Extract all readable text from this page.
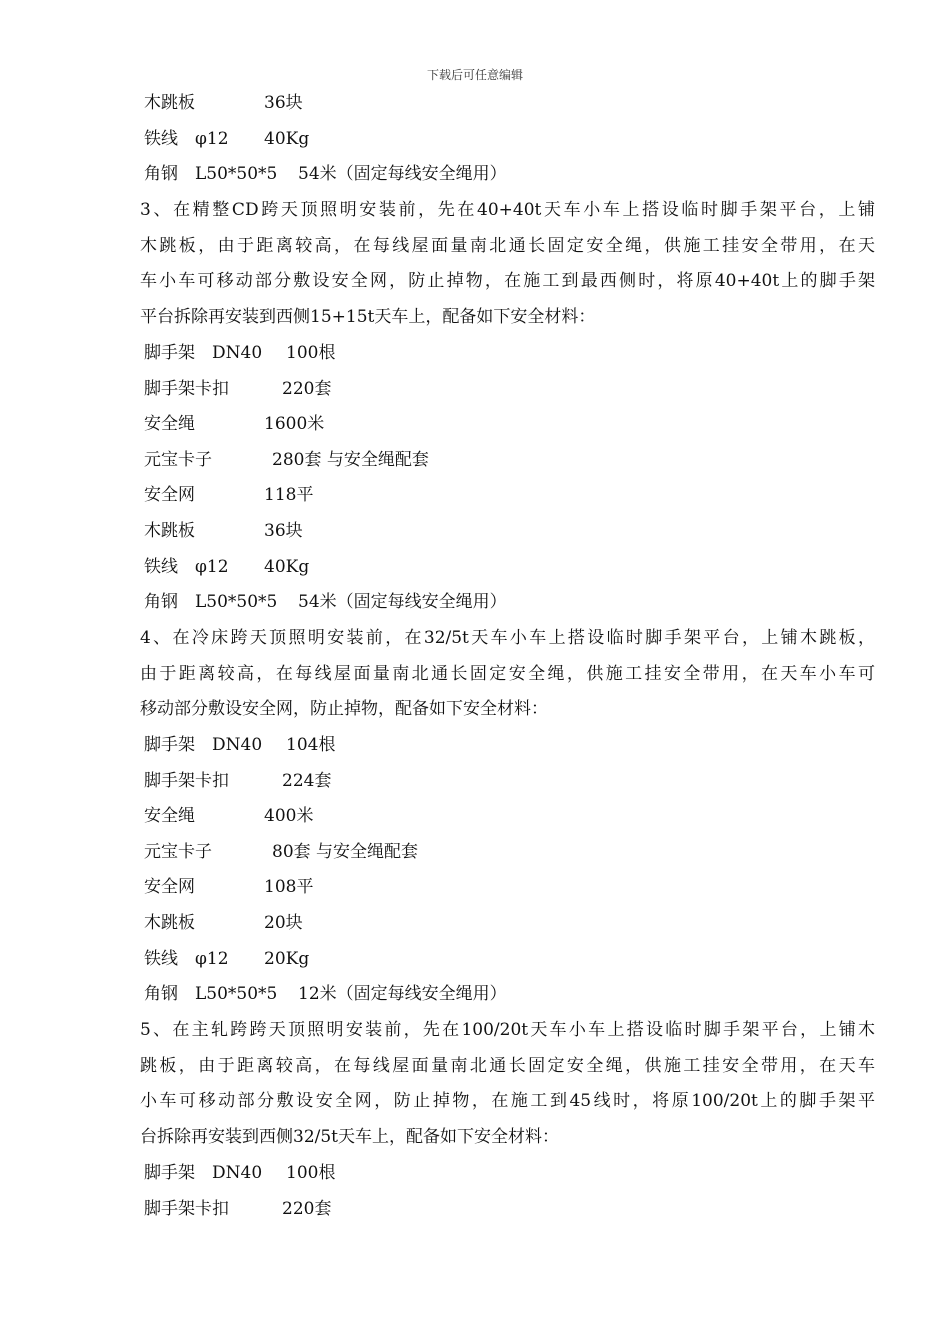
下载后可任意编辑
木跳板	36块
铁线　φ12 40Kg
角钢　L50*50*5 54米（固定每线安全绳用）
3、在精整CD跨天顶照明安装前，先在40+40t天车小车上搭设临时脚手架平台，上铺
木跳板，由于距离较高，在每线屋面量南北通长固定安全绳，供施工挂安全带用，在天
车小车可移动部分敷设安全网，防止掉物，在施工到最西侧时，将原40+40t上的脚手架
平台拆除再安装到西侧15+15t天车上，配备如下安全材料：
脚手架　DN40 100根
脚手架卡扣	220套
安全绳	1600米
元宝卡子	280套 与安全绳配套
安全网	118平
木跳板	36块
铁线　φ12 40Kg
角钢　L50*50*5 54米（固定每线安全绳用）
4、在冷床跨天顶照明安装前，在32/5t天车小车上搭设临时脚手架平台，上铺木跳板，
由于距离较高，在每线屋面量南北通长固定安全绳，供施工挂安全带用，在天车小车可
移动部分敷设安全网，防止掉物，配备如下安全材料：
脚手架　DN40 104根
脚手架卡扣	224套
安全绳	400米
元宝卡子	80套 与安全绳配套
安全网	108平
木跳板	20块
铁线　φ12 20Kg
角钢　L50*50*5 12米（固定每线安全绳用）
5、在主轧跨跨天顶照明安装前，先在100/20t天车小车上搭设临时脚手架平台，上铺木
跳板，由于距离较高，在每线屋面量南北通长固定安全绳，供施工挂安全带用，在天车
小车可移动部分敷设安全网，防止掉物，在施工到45线时，将原100/20t上的脚手架平
台拆除再安装到西侧32/5t天车上，配备如下安全材料：
脚手架　DN40 100根
脚手架卡扣	220套
